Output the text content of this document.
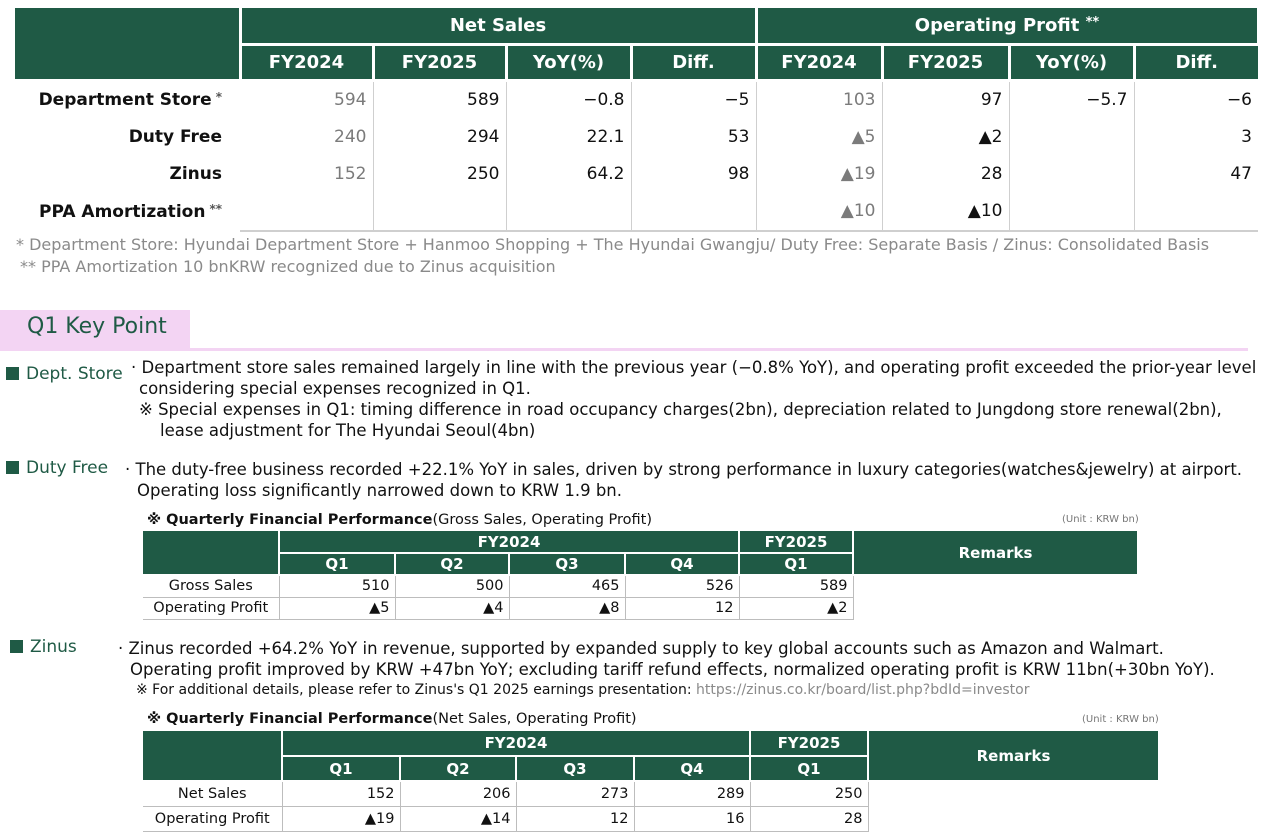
	Net Sales				Operating Profit **
	FY2024	FY2025	YoY(%)	Diff.	FY2024	FY2025	YoY(%)	Diff.
Department Store *	594	589	−0.8	−5	103	97	−5.7	−6
Duty Free	240	294	22.1	53	▲5	▲2		3
Zinus	152	250	64.2	98	▲19	28		47
PPA Amortization **					▲10	▲10		
* Department Store: Hyundai Department Store + Hanmoo Shopping + The Hyundai Gwangju/ Duty Free: Separate Basis / Zinus: Consolidated Basis
** PPA Amortization 10 bnKRW recognized due to Zinus acquisition
Q1 Key Point
Dept. Store · Department store sales remained largely in line with the previous year (−0.8% YoY), and operating profit exceeded the prior-year level
considering special expenses recognized in Q1.
※ Special expenses in Q1: timing difference in road occupancy charges(2bn), depreciation related to Jungdong store renewal(2bn),
lease adjustment for The Hyundai Seoul(4bn)
Duty Free · The duty-free business recorded +22.1% YoY in sales, driven by strong performance in luxury categories(watches&jewelry) at airport.
Operating loss significantly narrowed down to KRW 1.9 bn.
※ Quarterly Financial Performance(Gross Sales, Operating Profit)	(Unit : KRW bn)
	FY2024				FY2025	Remarks
	Q1	Q2	Q3	Q4	Q1	
Gross Sales	510	500	465	526	589	
Operating Profit	▲5	▲4	▲8	12	▲2	
Zinus · Zinus recorded +64.2% YoY in revenue, supported by expanded supply to key global accounts such as Amazon and Walmart.
Operating profit improved by KRW +47bn YoY; excluding tariff refund effects, normalized operating profit is KRW 11bn(+30bn YoY).
※ For additional details, please refer to Zinus's Q1 2025 earnings presentation: https://zinus.co.kr/board/list.php?bdId=investor
※ Quarterly Financial Performance(Net Sales, Operating Profit)	(Unit : KRW bn)
	FY2024				FY2025	Remarks
	Q1	Q2	Q3	Q4	Q1	
Net Sales	152	206	273	289	250	
Operating Profit	▲19	▲14	12	16	28	
